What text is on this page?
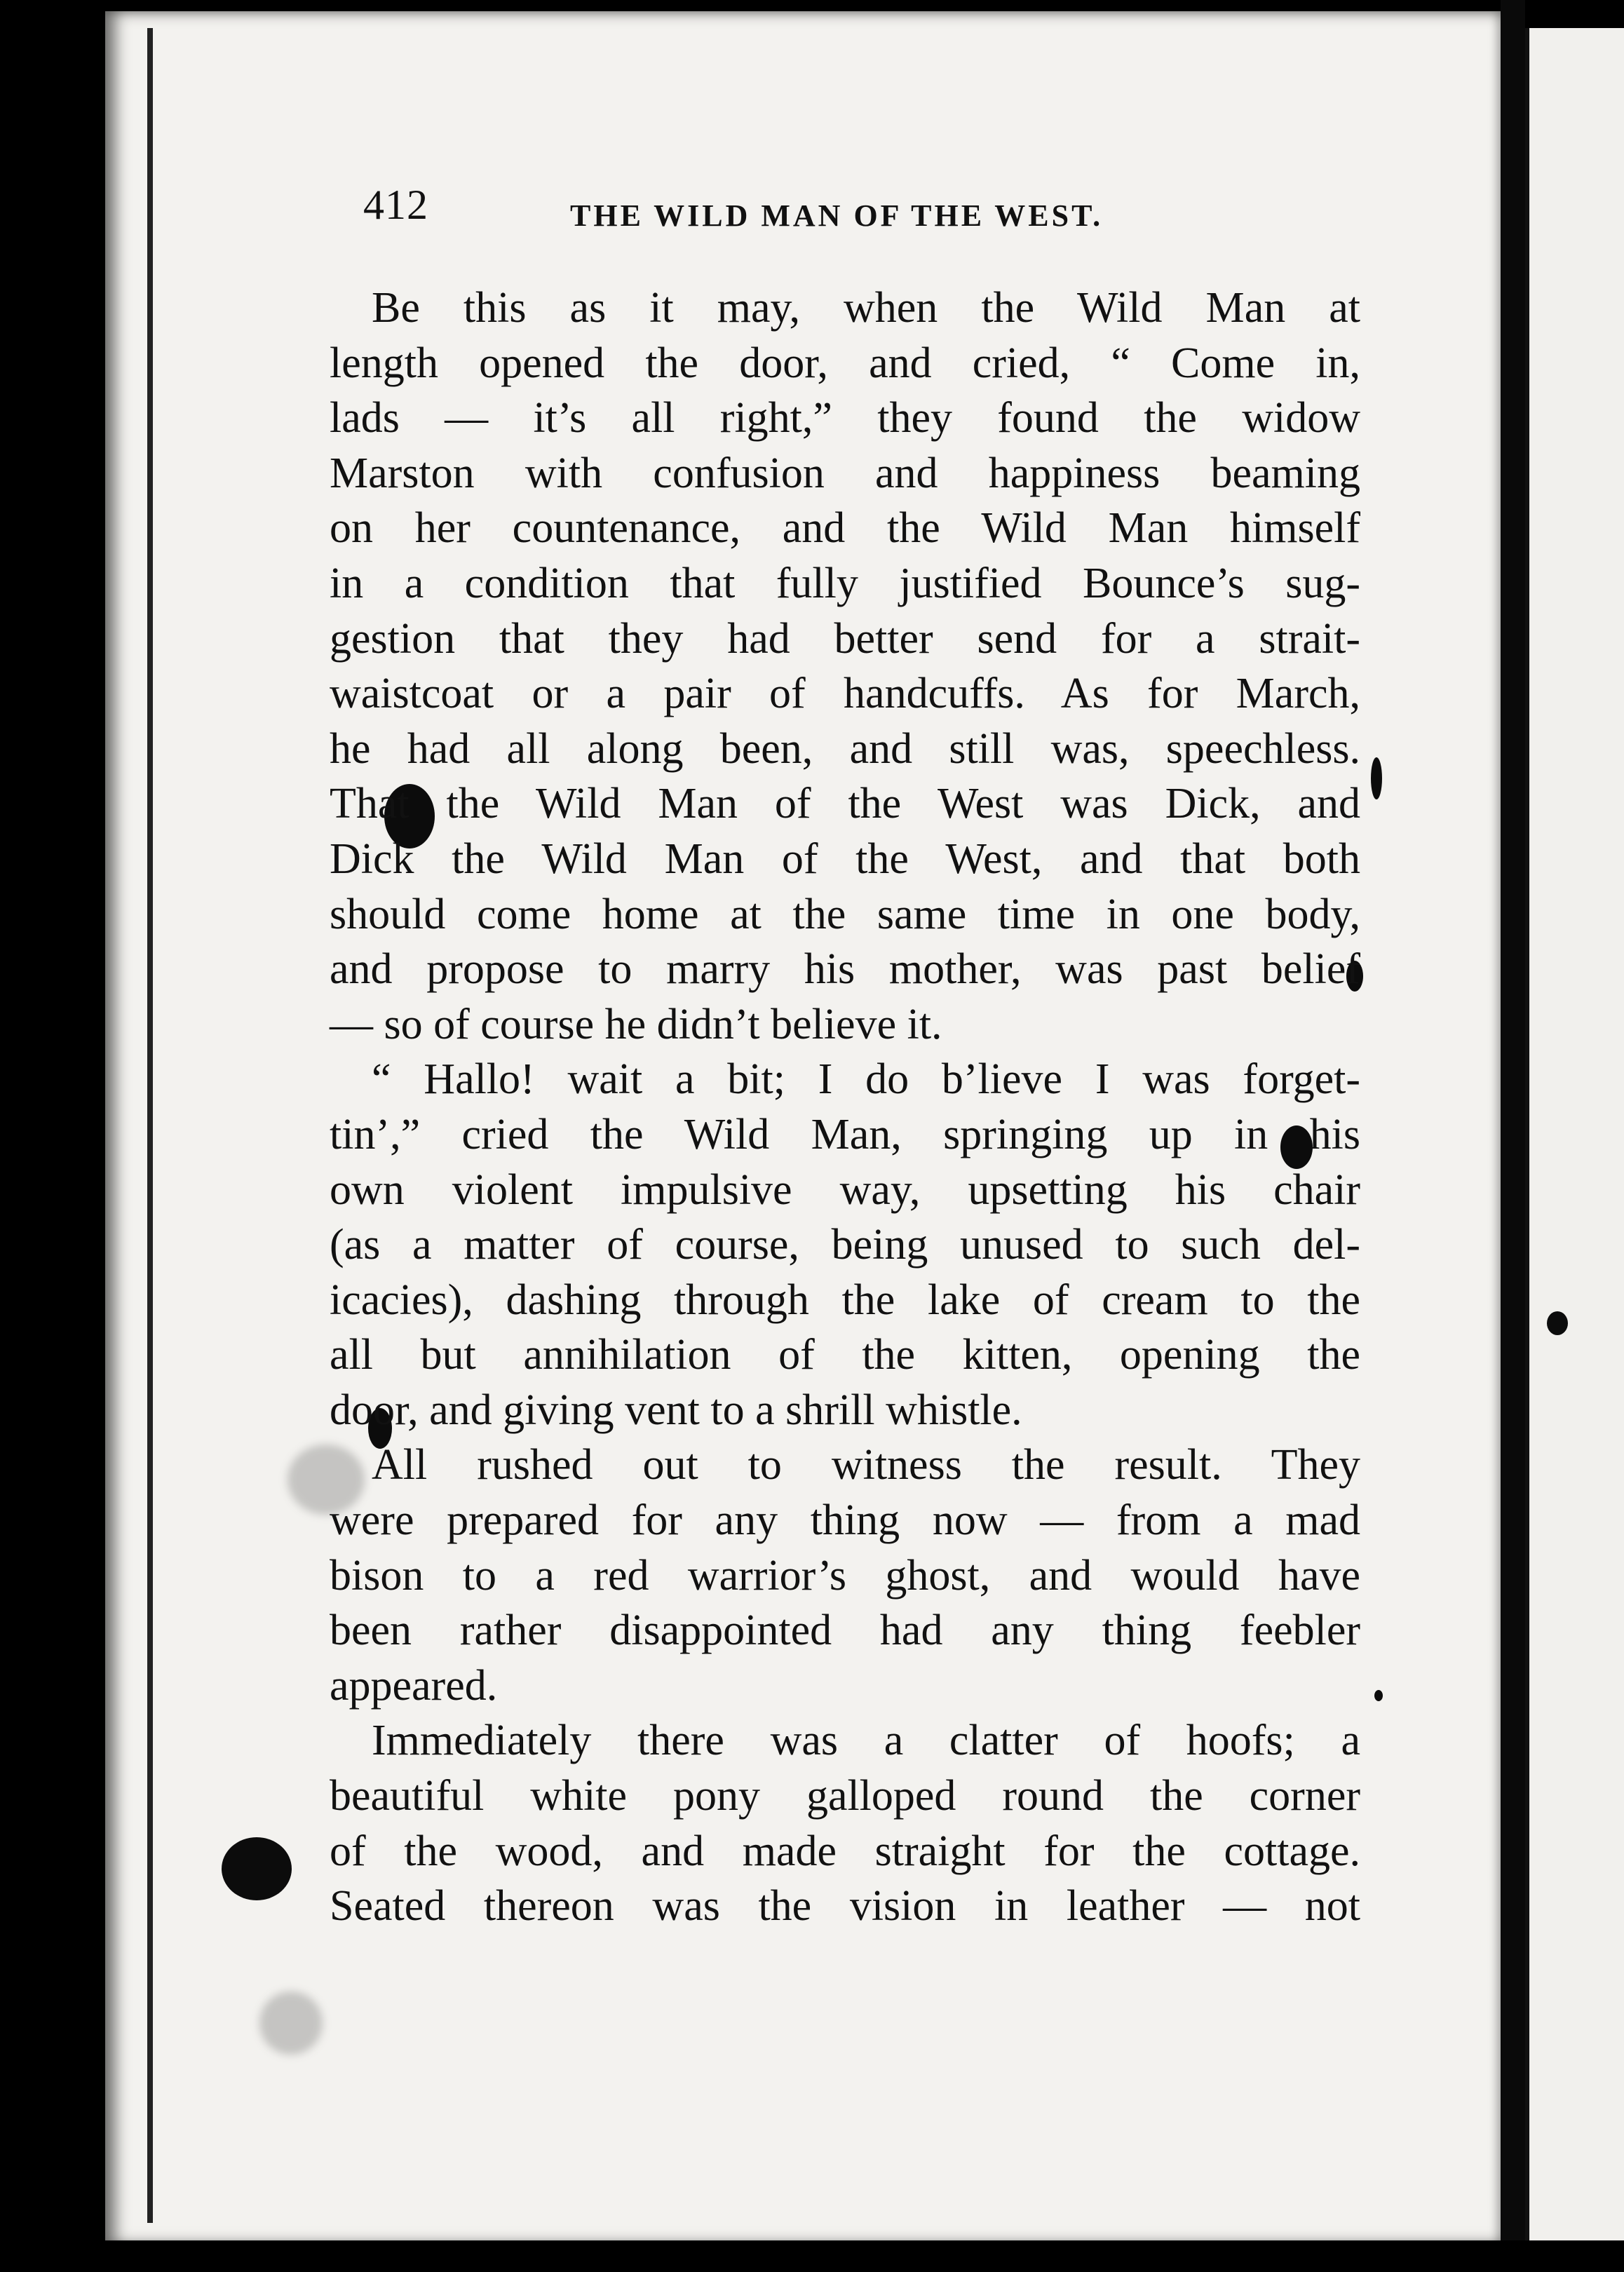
412	THE WILD MAN OF THE WEST.
Be this as it may, when the Wild Man at
length opened the door, and cried, “ Come in,
lads — it’s all right,” they found the widow
Marston with confusion and happiness beaming
on her countenance, and the Wild Man himself
in a condition that fully justified Bounce’s sug-
gestion that they had better send for a strait-
waistcoat or a pair of handcuffs. As for March,
he had all along been, and still was, speechless.
That the Wild Man of the West was Dick, and
Dick the Wild Man of the West, and that both
should come home at the same time in one body,
and propose to marry his mother, was past belief
— so of course he didn’t believe it.
“ Hallo! wait a bit; I do b’lieve I was forget-
tin’,” cried the Wild Man, springing up in his
own violent impulsive way, upsetting his chair
(as a matter of course, being unused to such del-
icacies), dashing through the lake of cream to the
all but annihilation of the kitten, opening the
door, and giving vent to a shrill whistle.
All rushed out to witness the result. They
were prepared for any thing now — from a mad
bison to a red warrior’s ghost, and would have
been rather disappointed had any thing feebler
appeared.
Immediately there was a clatter of hoofs; a
beautiful white pony galloped round the corner
of the wood, and made straight for the cottage.
Seated thereon was the vision in leather — not
